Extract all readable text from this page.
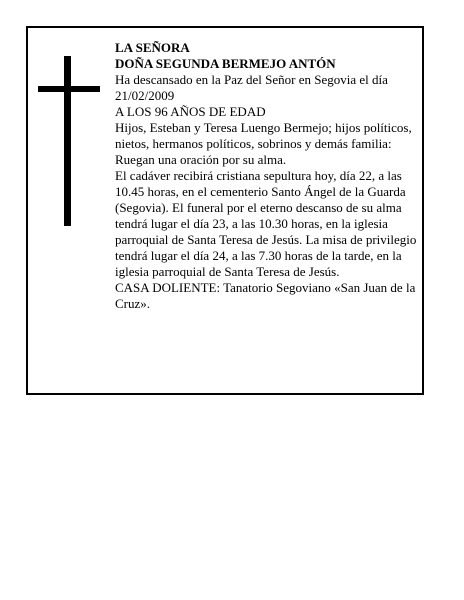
LA SEÑORA

DOÑA SEGUNDA BERMEJO ANTÓN

Ha descansado en la Paz del Señor en Segovia el día 21/02/2009

A LOS 96 AÑOS DE EDAD

Hijos, Esteban y Teresa Luengo Bermejo; hijos políticos, nietos, hermanos políticos, sobrinos y demás familia:

Ruegan una oración por su alma.

El cadáver recibirá cristiana sepultura hoy, día 22, a las 10.45 horas, en el cementerio Santo Ángel de la Guarda (Segovia). El funeral por el eterno descanso de su alma tendrá lugar el día 23, a las 10.30 horas, en la iglesia parroquial de Santa Teresa de Jesús. La misa de privilegio tendrá lugar el día 24, a las 7.30 horas de la tarde, en la iglesia parroquial de Santa Teresa de Jesús.

CASA DOLIENTE: Tanatorio Segoviano «San Juan de la Cruz».
